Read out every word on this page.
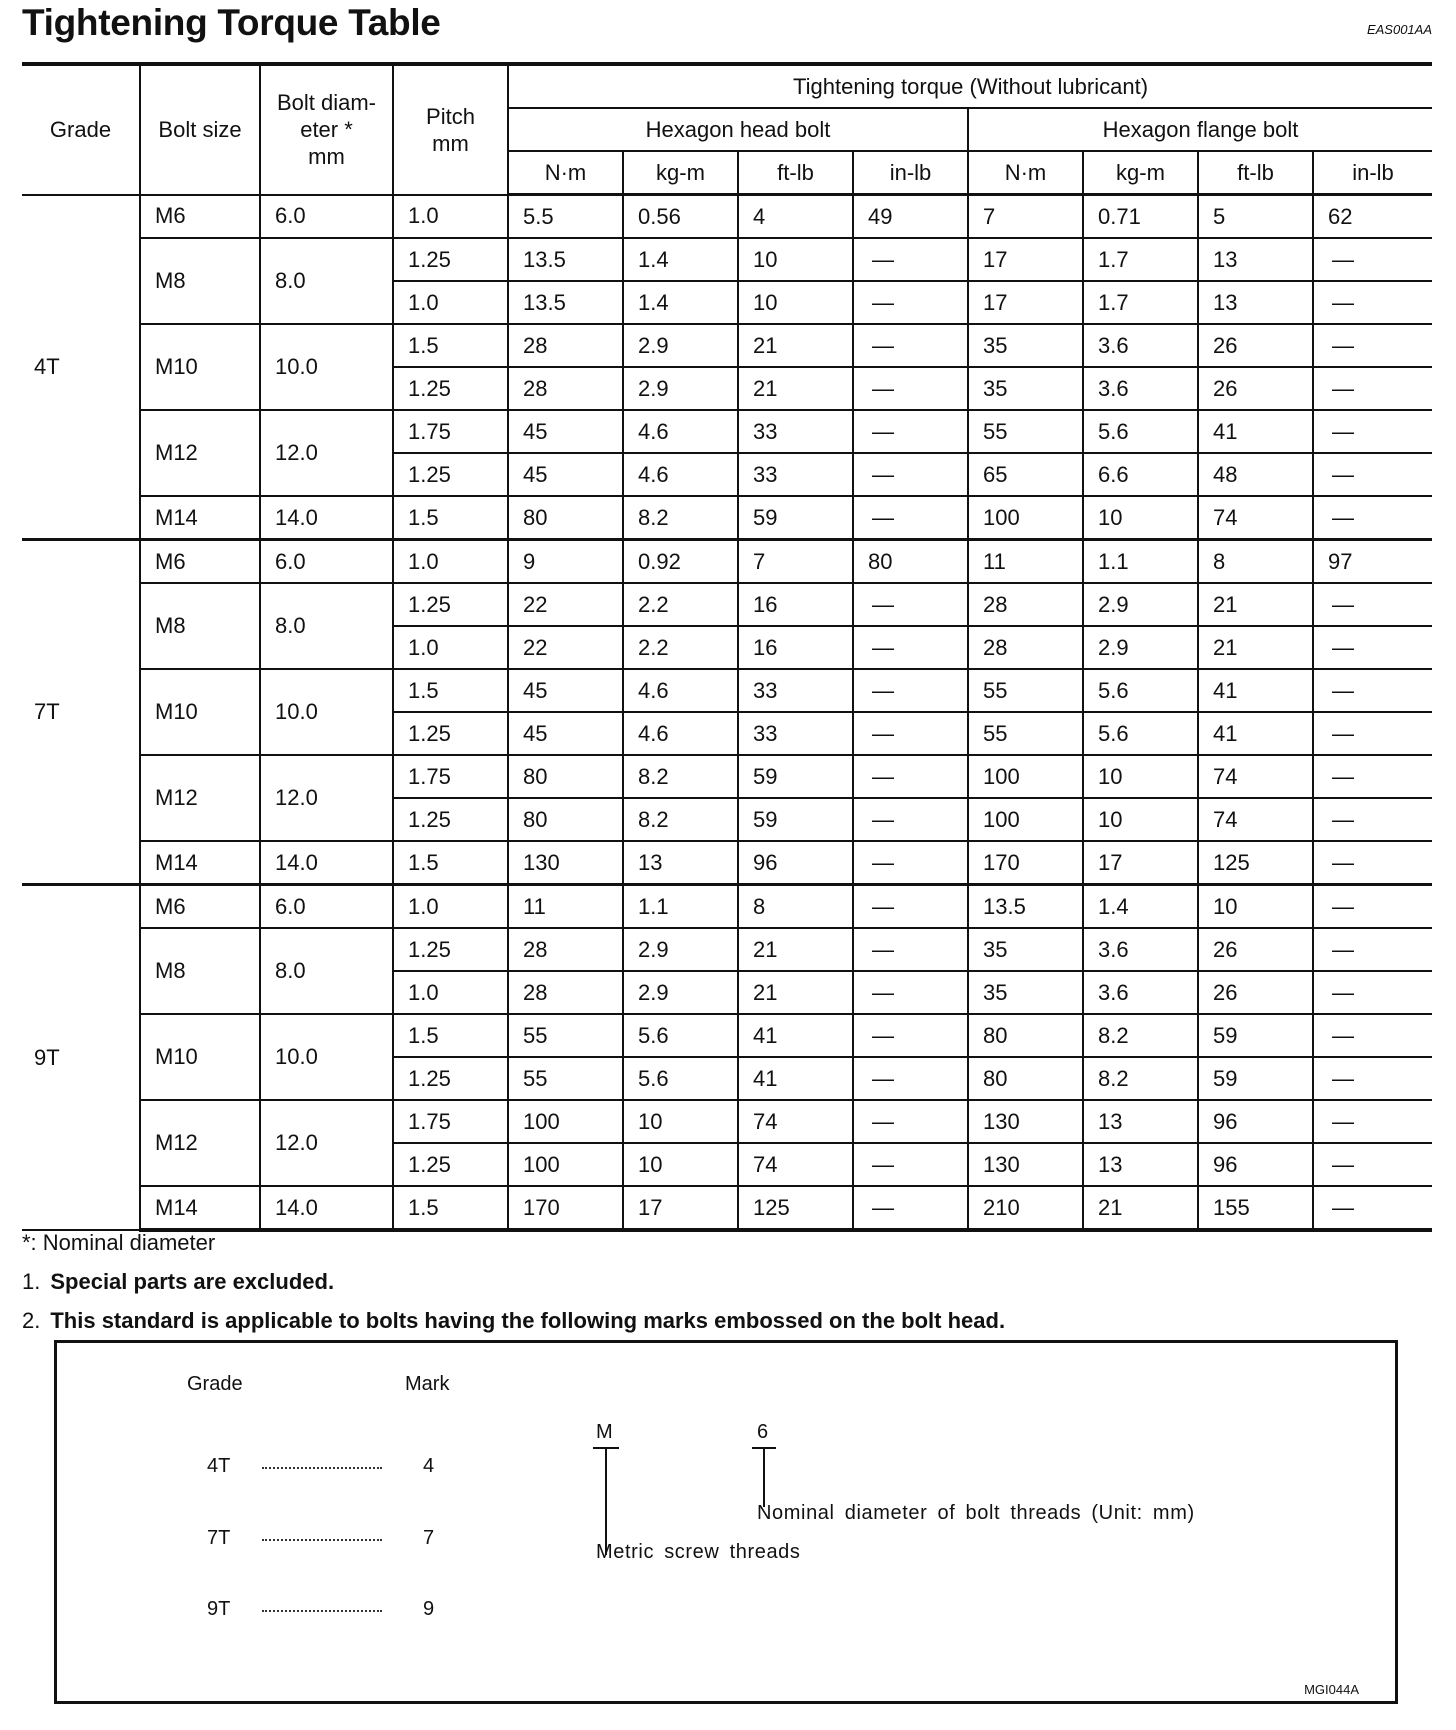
Tightening Torque Table	EAS001AA
Grade	Bolt size	Bolt diam-
eter *
mm	Pitch
mm	Tightening torque (Without lubricant)							
				Hexagon head bolt				Hexagon flange bolt			
				N·m	kg-m	ft-lb	in-lb	N·m	kg-m	ft-lb	in-lb
4T	M6	6.0	1.0	5.5	0.56	4	49	7	0.71	5	62
	M8	8.0	1.25	13.5	1.4	10	—	17	1.7	13	—
			1.0	13.5	1.4	10	—	17	1.7	13	—
	M10	10.0	1.5	28	2.9	21	—	35	3.6	26	—
			1.25	28	2.9	21	—	35	3.6	26	—
	M12	12.0	1.75	45	4.6	33	—	55	5.6	41	—
			1.25	45	4.6	33	—	65	6.6	48	—
	M14	14.0	1.5	80	8.2	59	—	100	10	74	—
7T	M6	6.0	1.0	9	0.92	7	80	11	1.1	8	97
	M8	8.0	1.25	22	2.2	16	—	28	2.9	21	—
			1.0	22	2.2	16	—	28	2.9	21	—
	M10	10.0	1.5	45	4.6	33	—	55	5.6	41	—
			1.25	45	4.6	33	—	55	5.6	41	—
	M12	12.0	1.75	80	8.2	59	—	100	10	74	—
			1.25	80	8.2	59	—	100	10	74	—
	M14	14.0	1.5	130	13	96	—	170	17	125	—
9T	M6	6.0	1.0	11	1.1	8	—	13.5	1.4	10	—
	M8	8.0	1.25	28	2.9	21	—	35	3.6	26	—
			1.0	28	2.9	21	—	35	3.6	26	—
	M10	10.0	1.5	55	5.6	41	—	80	8.2	59	—
			1.25	55	5.6	41	—	80	8.2	59	—
	M12	12.0	1.75	100	10	74	—	130	13	96	—
			1.25	100	10	74	—	130	13	96	—
	M14	14.0	1.5	170	17	125	—	210	21	155	—
*: Nominal diameter
1. Special parts are excluded.
2. This standard is applicable to bolts having the following marks embossed on the bolt head.
Grade	Mark
4T	4
7T	7
9T	9
M	6
Nominal diameter of bolt threads (Unit: mm)
Metric screw threads
MGI044A
